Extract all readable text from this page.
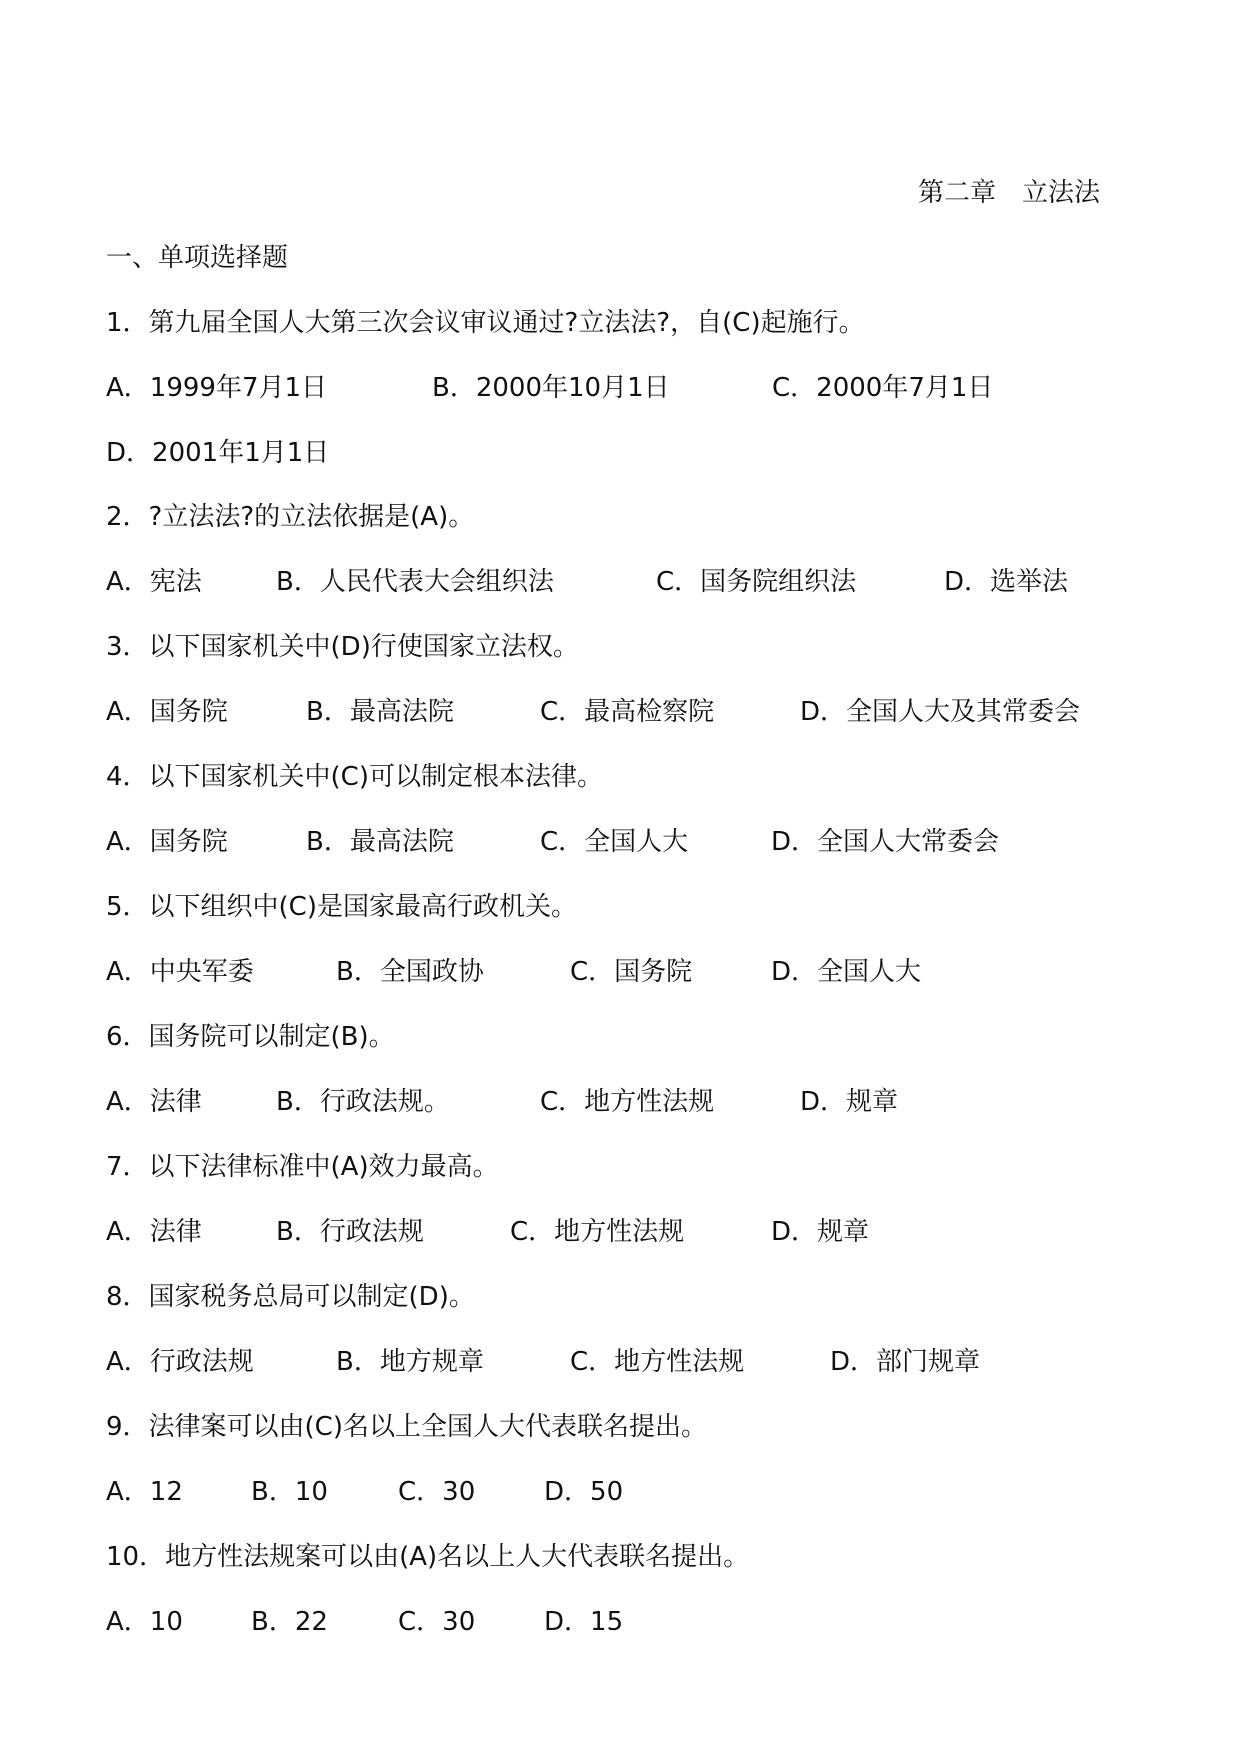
第二章　立法法
一、单项选择题
1．第九届全国人大第三次会议审议通过?立法法?，自(C)起施行。
A．1999年7月1日	B．2000年10月1日	C．2000年7月1日
D．2001年1月1日
2．?立法法?的立法依据是(A)。
A．宪法	B．人民代表大会组织法	C．国务院组织法	D．选举法
3．以下国家机关中(D)行使国家立法权。
A．国务院	B．最高法院	C．最高检察院	D．全国人大及其常委会
4．以下国家机关中(C)可以制定根本法律。
A．国务院	B．最高法院	C．全国人大	D．全国人大常委会
5．以下组织中(C)是国家最高行政机关。
A．中央军委	B．全国政协	C．国务院	D．全国人大
6．国务院可以制定(B)。
A．法律	B．行政法规。	C．地方性法规	D．规章
7．以下法律标准中(A)效力最高。
A．法律	B．行政法规	C．地方性法规	D．规章
8．国家税务总局可以制定(D)。
A．行政法规	B．地方规章	C．地方性法规	D．部门规章
9．法律案可以由(C)名以上全国人大代表联名提出。
A．12	B．10	C．30	D．50
10．地方性法规案可以由(A)名以上人大代表联名提出。
A．10	B．22	C．30	D．15
